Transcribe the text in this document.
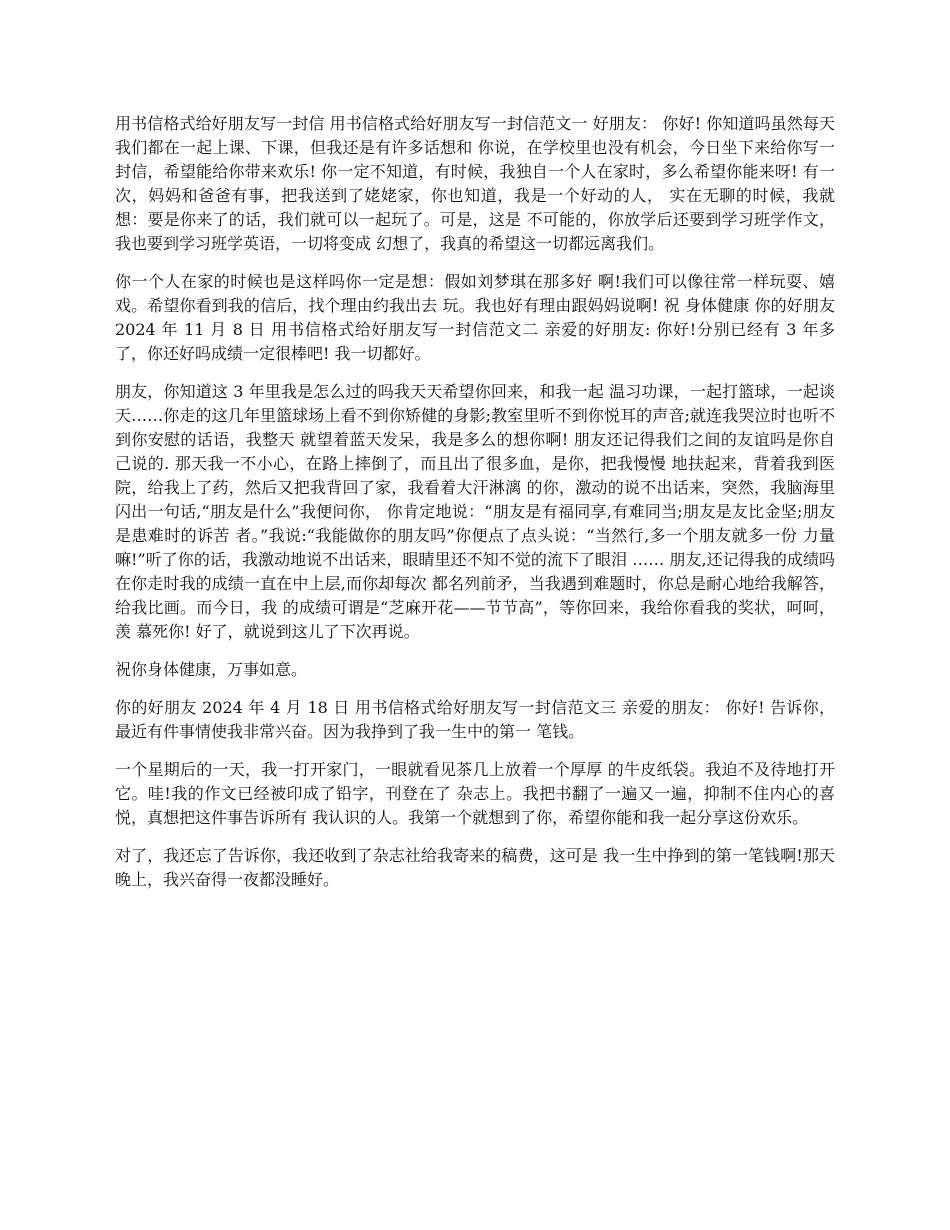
用书信格式给好朋友写一封信 用书信格式给好朋友写一封信范文一 好朋友： 你好! 你知道吗虽然每天我们都在一起上课、下课，但我还是有许多话想和 你说，在学校里也没有机会，今日坐下来给你写一封信，希望能给你带来欢乐! 你一定不知道，有时候，我独自一个人在家时，多么希望你能来呀! 有一次，妈妈和爸爸有事，把我送到了姥姥家，你也知道，我是一个好动的人， 实在无聊的时候，我就想：要是你来了的话，我们就可以一起玩了。可是，这是 不可能的，你放学后还要到学习班学作文，我也要到学习班学英语，一切将变成 幻想了，我真的希望这一切都远离我们。

你一个人在家的时候也是这样吗你一定是想：假如刘梦琪在那多好 啊!我们可以像往常一样玩耍、嬉戏。希望你看到我的信后，找个理由约我出去 玩。我也好有理由跟妈妈说啊! 祝 身体健康 你的好朋友 2024 年 11 月 8 日 用书信格式给好朋友写一封信范文二 亲爱的好朋友: 你好!分别已经有 3 年多了，你还好吗成绩一定很棒吧! 我一切都好。

朋友，你知道这 3 年里我是怎么过的吗我天天希望你回来，和我一起 温习功课，一起打篮球，一起谈天……你走的这几年里篮球场上看不到你矫健的身影;教室里听不到你悦耳的声音;就连我哭泣时也听不到你安慰的话语，我整天 就望着蓝天发呆，我是多么的想你啊! 朋友还记得我们之间的友谊吗是你自己说的. 那天我一不小心，在路上摔倒了，而且出了很多血，是你，把我慢慢 地扶起来，背着我到医院，给我上了药，然后又把我背回了家，我看着大汗淋漓 的你，激动的说不出话来，突然，我脑海里闪出一句话,“朋友是什么”我便问你， 你肯定地说：“朋友是有福同享,有难同当;朋友是友比金坚;朋友是患难时的诉苦 者。”我说:“我能做你的朋友吗”你便点了点头说：“当然行,多一个朋友就多一份 力量嘛!”听了你的话，我激动地说不出话来，眼睛里还不知不觉的流下了眼泪 …… 朋友,还记得我的成绩吗在你走时我的成绩一直在中上层,而你却每次 都名列前矛，当我遇到难题时，你总是耐心地给我解答，给我比画。而今日，我 的成绩可谓是“芝麻开花——节节高”，等你回来，我给你看我的奖状，呵呵，羡 慕死你! 好了，就说到这儿了下次再说。

祝你身体健康，万事如意。

你的好朋友 2024 年 4 月 18 日 用书信格式给好朋友写一封信范文三 亲爱的朋友： 你好! 告诉你，最近有件事情使我非常兴奋。因为我挣到了我一生中的第一 笔钱。

一个星期后的一天，我一打开家门，一眼就看见茶几上放着一个厚厚 的牛皮纸袋。我迫不及待地打开它。哇!我的作文已经被印成了铅字，刊登在了 杂志上。我把书翻了一遍又一遍，抑制不住内心的喜悦，真想把这件事告诉所有 我认识的人。我第一个就想到了你，希望你能和我一起分享这份欢乐。

对了，我还忘了告诉你，我还收到了杂志社给我寄来的稿费，这可是 我一生中挣到的第一笔钱啊!那天晚上，我兴奋得一夜都没睡好。
